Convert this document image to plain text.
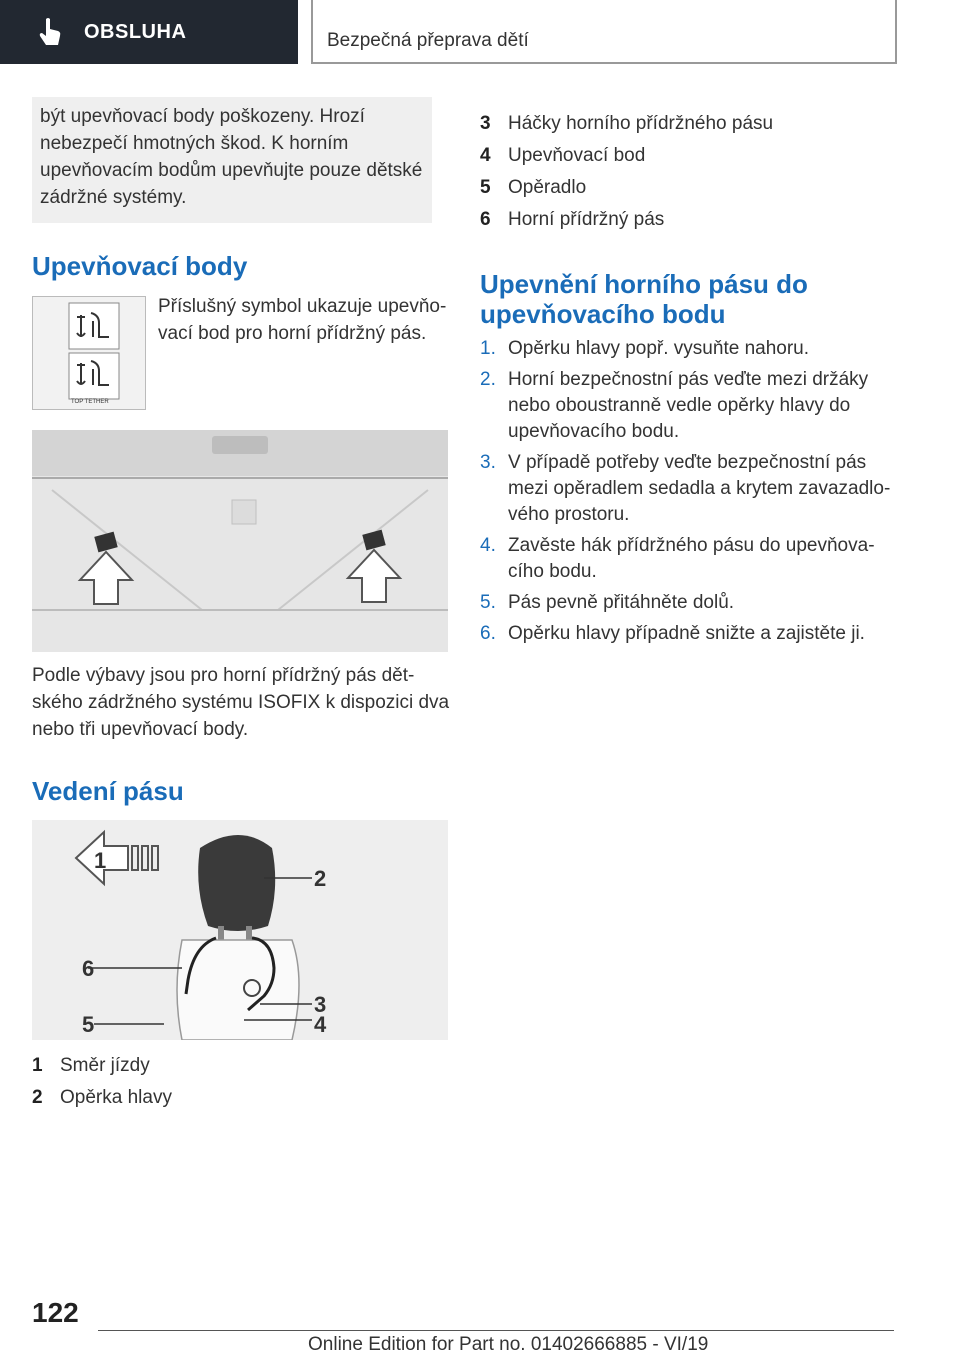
OBSLUHA	Bezpečná přeprava dětí

být upevňovací body poškozeny. Hrozí nebezpečí hmotných škod. K horním upevňovacím bodům upevňujte pouze dětské zádržné systémy.

Upevňovací body
TOP TETHER

Příslušný symbol ukazuje upevňovací bod pro horní přídržný pás.

Podle výbavy jsou pro horní přídržný pás dětského zádržného systému ISOFIX k dispozici dva nebo tři upevňovací body.

Vedení pásu
1
2
3
4
5
6
1 Směr jízdy
2 Opěrka hlavy
3 Háčky horního přídržného pásu
4 Upevňovací bod
5 Opěradlo
6 Horní přídržný pás
Upevnění horního pásu do
upevňovacího bodu
1. Opěrku hlavy popř. vysuňte nahoru.
2. Horní bezpečnostní pás veďte mezi držáky nebo oboustranně vedle opěrky hlavy do upevňovacího bodu.
3. V případě potřeby veďte bezpečnostní pás mezi opěradlem sedadla a krytem zavazadlového prostoru.
4. Zavěste hák přídržného pásu do upevňovacího bodu.
5. Pás pevně přitáhněte dolů.
6. Opěrku hlavy případně snižte a zajistěte ji.
122
Online Edition for Part no. 01402666885 - VI/19
